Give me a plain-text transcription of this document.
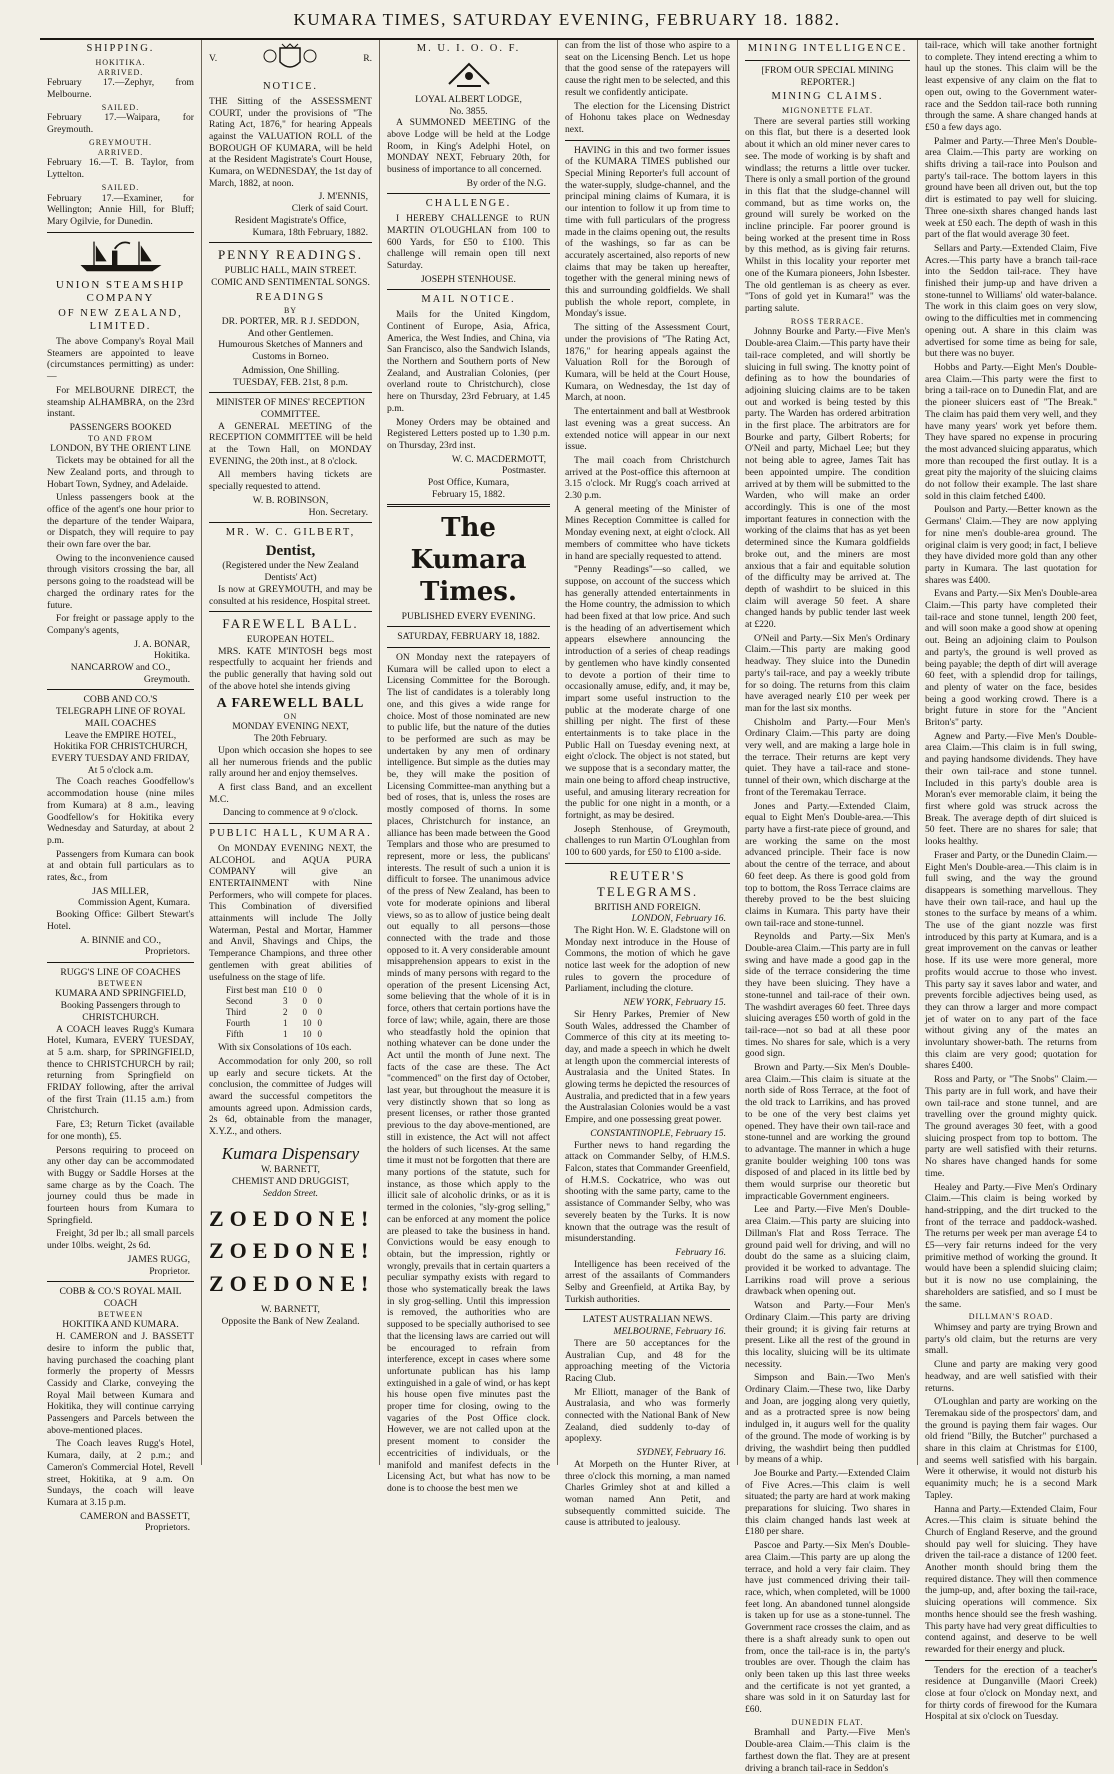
KUMARA TIMES, SATURDAY EVENING, FEBRUARY 18. 1882.
SHIPPING.
HOKITIKA.
ARRIVED.

February 17.—Zephyr, from Melbourne.

SAILED.

February 17.—Waipara, for Greymouth.

GREYMOUTH.
ARRIVED.

February 16.—T. B. Taylor, from Lyttelton.

SAILED.

February 17.—Examiner, for Wellington; Annie Hill, for Bluff; Mary Ogilvie, for Dunedin.

UNION STEAMSHIP COMPANY
OF NEW ZEALAND, LIMITED.

The above Company's Royal Mail Steamers are appointed to leave (circumstances permitting) as under:—

For MELBOURNE DIRECT, the steamship ALHAMBRA, on the 23rd instant.

PASSENGERS BOOKED
TO AND FROM
LONDON, BY THE ORIENT LINE

Tickets may be obtained for all the New Zealand ports, and through to Hobart Town, Sydney, and Adelaide.

Unless passengers book at the office of the agent's one hour prior to the departure of the tender Waipara, or Dispatch, they will require to pay their own fare over the bar.

Owing to the inconvenience caused through visitors crossing the bar, all persons going to the roadstead will be charged the ordinary rates for the future.

For freight or passage apply to the Company's agents,

J. A. BONAR,
Hokitika.
NANCARROW and CO.,
Greymouth.
COBB AND CO.'S
TELEGRAPH LINE OF ROYAL MAIL COACHES
Leave the EMPIRE HOTEL, Hokitika FOR CHRISTCHURCH,
EVERY TUESDAY AND FRIDAY,
At 5 o'clock a.m.

The Coach reaches Goodfellow's accommodation house (nine miles from Kumara) at 8 a.m., leaving Goodfellow's for Hokitika every Wednesday and Saturday, at about 2 p.m.

Passengers from Kumara can book at and obtain full particulars as to rates, &c., from

JAS MILLER,
Commission Agent, Kumara.

Booking Office: Gilbert Stewart's Hotel.

A. BINNIE and CO.,
Proprietors.
RUGG'S LINE OF COACHES
BETWEEN
KUMARA AND SPRINGFIELD,
Booking Passengers through to
CHRISTCHURCH.

A COACH leaves Rugg's Kumara Hotel, Kumara, EVERY TUESDAY, at 5 a.m. sharp, for SPRINGFIELD, thence to CHRISTCHURCH by rail; returning from Springfield on FRIDAY following, after the arrival of the first Train (11.15 a.m.) from Christchurch.

Fare, £3; Return Ticket (available for one month), £5.

Persons requiring to proceed on any other day can be accommodated with Buggy or Saddle Horses at the same charge as by the Coach. The journey could thus be made in fourteen hours from Kumara to Springfield.

Freight, 3d per lb.; all small parcels under 10lbs. weight, 2s 6d.

JAMES RUGG,
Proprietor.
COBB & CO.'S ROYAL MAIL COACH
BETWEEN
HOKITIKA AND KUMARA.

H. CAMERON and J. BASSETT desire to inform the public that, having purchased the coaching plant formerly the property of Messrs Cassidy and Clarke, conveying the Royal Mail between Kumara and Hokitika, they will continue carrying Passengers and Parcels between the above-mentioned places.

The Coach leaves Rugg's Hotel, Kumara, daily, at 2 p.m.; and Cameron's Commercial Hotel, Revell street, Hokitika, at 9 a.m. On Sundays, the coach will leave Kumara at 3.15 p.m.

CAMERON and BASSETT,
Proprietors.
V.	R.
NOTICE.

THE Sitting of the ASSESSMENT COURT, under the provisions of "The Rating Act, 1876," for hearing Appeals against the VALUATION ROLL of the BOROUGH OF KUMARA, will be held at the Resident Magistrate's Court House, Kumara, on WEDNESDAY, the 1st day of March, 1882, at noon.

J. M'ENNIS,
Clerk of said Court.
Resident Magistrate's Office,
Kumara, 18th February, 1882.
PENNY READINGS.
PUBLIC HALL, MAIN STREET.
COMIC AND SENTIMENTAL SONGS.
READINGS
BY
DR. PORTER, MR. R J. SEDDON,
And other Gentlemen.

Humourous Sketches of Manners and Customs in Borneo.

Admission, One Shilling.
TUESDAY, FEB. 21st, 8 p.m.
MINISTER OF MINES' RECEPTION COMMITTEE.

A GENERAL MEETING of the RECEPTION COMMITTEE will be held at the Town Hall, on MONDAY EVENING, the 20th inst., at 8 o'clock.

All members having tickets are specially requested to attend.

W. B. ROBINSON,
Hon. Secretary.
MR. W. C. GILBERT,
Dentist,
(Registered under the New Zealand Dentists' Act)

Is now at GREYMOUTH, and may be consulted at his residence, Hospital street.

FAREWELL BALL.
EUROPEAN HOTEL.

MRS. KATE M'INTOSH begs most respectfully to acquaint her friends and the public generally that having sold out of the above hotel she intends giving

A FAREWELL BALL
ON
MONDAY EVENING NEXT,
The 20th February.

Upon which occasion she hopes to see all her numerous friends and the public rally around her and enjoy themselves.

A first class Band, and an excellent M.C.

Dancing to commence at 9 o'clock.
PUBLIC HALL, KUMARA.

On MONDAY EVENING NEXT, the ALCOHOL and AQUA PURA COMPANY will give an ENTERTAINMENT with Nine Performers, who will compete for places. This Combination of diversified attainments will include The Jolly Waterman, Pestal and Mortar, Hammer and Anvil, Shavings and Chips, the Temperance Champions, and three other gentlemen with great abilities of usefulness on the stage of life.

First best man	£10	0	0
Second	3	0	0
Third	2	0	0
Fourth	1	10	0
Fifth	1	10	0

With six Consolations of 10s each.

Accommodation for only 200, so roll up early and secure tickets. At the conclusion, the committee of Judges will award the successful competitors the amounts agreed upon. Admission cards, 2s 6d, obtainable from the manager, X.Y.Z., and others.

Kumara Dispensary
W. BARNETT,
CHEMIST AND DRUGGIST,
Seddon Street.
ZOEDONE!
ZOEDONE!
ZOEDONE!
W. BARNETT,
Opposite the Bank of New Zealand.
M. U. I. O. O. F.
LOYAL ALBERT LODGE,
No. 3855.

A SUMMONED MEETING of the above Lodge will be held at the Lodge Room, in King's Adelphi Hotel, on MONDAY NEXT, February 20th, for business of importance to all concerned.

By order of the N.G.
CHALLENGE.

I HEREBY CHALLENGE to RUN MARTIN O'LOUGHLAN from 100 to 600 Yards, for £50 to £100. This challenge will remain open till next Saturday.

JOSEPH STENHOUSE.
MAIL NOTICE.

Mails for the United Kingdom, Continent of Europe, Asia, Africa, America, the West Indies, and China, via San Francisco, also the Sandwich Islands, the Northern and Southern ports of New Zealand, and Australian Colonies, (per overland route to Christchurch), close here on Thursday, 23rd February, at 1.45 p.m.

Money Orders may be obtained and Registered Letters posted up to 1.30 p.m. on Thursday, 23rd inst.

W. C. MACDERMOTT,
Postmaster.
Post Office, Kumara,
February 15, 1882.
The Kumara Times.
PUBLISHED EVERY EVENING.
SATURDAY, FEBRUARY 18, 1882.

ON Monday next the ratepayers of Kumara will be called upon to elect a Licensing Committee for the Borough. The list of candidates is a tolerably long one, and this gives a wide range for choice. Most of those nominated are new to public life, but the nature of the duties to be performed are such as may be undertaken by any men of ordinary intelligence. But simple as the duties may be, they will make the position of Licensing Committee-man anything but a bed of roses, that is, unless the roses are mostly composed of thorns. In some places, Christchurch for instance, an alliance has been made between the Good Templars and those who are presumed to represent, more or less, the publicans' interests. The result of such a union it is difficult to forsee. The unanimous advice of the press of New Zealand, has been to vote for moderate opinions and liberal views, so as to allow of justice being dealt out equally to all persons—those connected with the trade and those opposed to it. A very considerable amount misapprehension appears to exist in the minds of many persons with regard to the operation of the present Licensing Act, some believing that the whole of it is in force, others that certain portions have the force of law; while, again, there are those who steadfastly hold the opinion that nothing whatever can be done under the Act until the month of June next. The facts of the case are these. The Act "commenced" on the first day of October, last year, but throughout the measure it is very distinctly shown that so long as present licenses, or rather those granted previous to the day above-mentioned, are still in existence, the Act will not affect the holders of such licenses. At the same time it must not be forgotten that there are many portions of the statute, such for instance, as those which apply to the illicit sale of alcoholic drinks, or as it is termed in the colonies, "sly-grog selling," can be enforced at any moment the police are pleased to take the business in hand. Convictions would be easy enough to obtain, but the impression, rightly or wrongly, prevails that in certain quarters a peculiar sympathy exists with regard to those who systematically break the laws in sly grog-selling. Until this impression is removed, the authorities who are supposed to be specially authorised to see that the licensing laws are carried out will be encouraged to refrain from interference, except in cases where some unfortunate publican has his lamp extinguished in a gale of wind, or has kept his house open five minutes past the proper time for closing, owing to the vagaries of the Post Office clock. However, we are not called upon at the present moment to consider the eccentricities of individuals, or the manifold and manifest defects in the Licensing Act, but what has now to be done is to choose the best men we

can from the list of those who aspire to a seat on the Licensing Bench. Let us hope that the good sense of the ratepayers will cause the right men to be selected, and this result we confidently anticipate.

The election for the Licensing District of Hohonu takes place on Wednesday next.

HAVING in this and two former issues of the KUMARA TIMES published our Special Mining Reporter's full account of the water-supply, sludge-channel, and the principal mining claims of Kumara, it is our intention to follow it up from time to time with full particulars of the progress made in the claims opening out, the results of the washings, so far as can be accurately ascertained, also reports of new claims that may be taken up hereafter, together with the general mining news of this and surrounding goldfields. We shall publish the whole report, complete, in Monday's issue.

The sitting of the Assessment Court, under the provisions of "The Rating Act, 1876," for hearing appeals against the Valuation Roll for the Borough of Kumara, will be held at the Court House, Kumara, on Wednesday, the 1st day of March, at noon.

The entertainment and ball at Westbrook last evening was a great success. An extended notice will appear in our next issue.

The mail coach from Christchurch arrived at the Post-office this afternoon at 3.15 o'clock. Mr Rugg's coach arrived at 2.30 p.m.

A general meeting of the Minister of Mines Reception Committee is called for Monday evening next, at eight o'clock. All members of committee who have tickets in hand are specially requested to attend.

"Penny Readings"—so called, we suppose, on account of the success which has generally attended entertainments in the Home country, the admission to which had been fixed at that low price. And such is the heading of an advertisement which appears elsewhere announcing the introduction of a series of cheap readings by gentlemen who have kindly consented to devote a portion of their time to occasionally amuse, edify, and, it may be, impart some useful instruction to the public at the moderate charge of one shilling per night. The first of these entertainments is to take place in the Public Hall on Tuesday evening next, at eight o'clock. The object is not stated, but we suppose that is a secondary matter, the main one being to afford cheap instructive, useful, and amusing literary recreation for the public for one night in a month, or a fortnight, as may be desired.

Joseph Stenhouse, of Greymouth, challenges to run Martin O'Loughlan from 100 to 600 yards, for £50 to £100 a-side.

REUTER'S TELEGRAMS.
BRITISH AND FOREIGN.
LONDON, February 16.

The Right Hon. W. E. Gladstone will on Monday next introduce in the House of Commons, the motion of which he gave notice last week for the adoption of new rules to govern the procedure of Parliament, including the cloture.

NEW YORK, February 15.

Sir Henry Parkes, Premier of New South Wales, addressed the Chamber of Commerce of this city at its meeting to-day, and made a speech in which he dwelt at length upon the commercial interests of Australasia and the United States. In glowing terms he depicted the resources of Australia, and predicted that in a few years the Australasian Colonies would be a vast Empire, and one possessing great power.

CONSTANTINOPLE, February 15.

Further news to hand regarding the attack on Commander Selby, of H.M.S. Falcon, states that Commander Greenfield, of H.M.S. Cockatrice, who was out shooting with the same party, came to the assistance of Commander Selby, who was severely beaten by the Turks. It is now known that the outrage was the result of misunderstanding.

February 16.

Intelligence has been received of the arrest of the assailants of Commanders Selby and Greenfield, at Artika Bay, by Turkish authorities.

LATEST AUSTRALIAN NEWS.
MELBOURNE, February 16.

There are 50 acceptances for the Australian Cup, and 48 for the approaching meeting of the Victoria Racing Club.

Mr Elliott, manager of the Bank of Australasia, and who was formerly connected with the National Bank of New Zealand, died suddenly to-day of apoplexy.

SYDNEY, February 16.

At Morpeth on the Hunter River, at three o'clock this morning, a man named Charles Grimley shot at and killed a woman named Ann Petit, and subsequently committed suicide. The cause is attributed to jealousy.

MINING INTELLIGENCE.
[FROM OUR SPECIAL MINING REPORTER.]
MINING CLAIMS.
MIGNONETTE FLAT.

There are several parties still working on this flat, but there is a deserted look about it which an old miner never cares to see. The mode of working is by shaft and windlass; the returns a little over tucker. There is only a small portion of the ground in this flat that the sludge-channel will command, but as time works on, the ground will surely be worked on the incline principle. Far poorer ground is being worked at the present time in Ross by this method, as is giving fair returns. Whilst in this locality your reporter met one of the Kumara pioneers, John Isbester. The old gentleman is as cheery as ever. "Tons of gold yet in Kumara!" was the parting salute.

ROSS TERRACE.

Johnny Bourke and Party.—Five Men's Double-area Claim.—This party have their tail-race completed, and will shortly be sluicing in full swing. The knotty point of defining as to how the boundaries of adjoining sluicing claims are to be taken out and worked is being tested by this party. The Warden has ordered arbitration in the first place. The arbitrators are for Bourke and party, Gilbert Roberts; for O'Neil and party, Michael Lee; but they not being able to agree, James Tait has been appointed umpire. The condition arrived at by them will be submitted to the Warden, who will make an order accordingly. This is one of the most important features in connection with the working of the claims that has as yet been determined since the Kumara goldfields broke out, and the miners are most anxious that a fair and equitable solution of the difficulty may be arrived at. The depth of washdirt to be sluiced in this claim will average 50 feet. A share changed hands by public tender last week at £220.

O'Neil and Party.—Six Men's Ordinary Claim.—This party are making good headway. They sluice into the Dunedin party's tail-race, and pay a weekly tribute for so doing. The returns from this claim have averaged nearly £10 per week per man for the last six months.

Chisholm and Party.—Four Men's Ordinary Claim.—This party are doing very well, and are making a large hole in the terrace. Their returns are kept very quiet. They have a tail-race and stone-tunnel of their own, which discharge at the front of the Teremakau Terrace.

Jones and Party.—Extended Claim, equal to Eight Men's Double-area.—This party have a first-rate piece of ground, and are working the same on the most advanced principle. Their face is now about the centre of the terrace, and about 60 feet deep. As there is good gold from top to bottom, the Ross Terrace claims are thereby proved to be the best sluicing claims in Kumara. This party have their own tail-race and stone-tunnel.

Reynolds and Party.—Six Men's Double-area Claim.—This party are in full swing and have made a good gap in the side of the terrace considering the time they have been sluicing. They have a stone-tunnel and tail-race of their own. The washdirt averages 60 feet. Three days sluicing averages £50 worth of gold in the tail-race—not so bad at all these poor times. No shares for sale, which is a very good sign.

Brown and Party.—Six Men's Double-area Claim.—This claim is situate at the north side of Ross Terrace, at the foot of the old track to Larrikins, and has proved to be one of the very best claims yet opened. They have their own tail-race and stone-tunnel and are working the ground to advantage. The manner in which a huge granite boulder weighing 100 tons was disposed of and placed in its little bed by them would surprise our theoretic but impracticable Government engineers.

Lee and Party.—Five Men's Double-area Claim.—This party are sluicing into Dillman's Flat and Ross Terrace. The ground paid well for driving, and will no doubt do the same as a sluicing claim, provided it be worked to advantage. The Larrikins road will prove a serious drawback when opening out.

Watson and Party.—Four Men's Ordinary Claim.—This party are driving their ground; it is giving fair returns at present. Like all the rest of the ground in this locality, sluicing will be its ultimate necessity.

Simpson and Bain.—Two Men's Ordinary Claim.—These two, like Darby and Joan, are jogging along very quietly, and as a protracted spree is now being indulged in, it augurs well for the quality of the ground. The mode of working is by driving, the washdirt being then puddled by means of a whip.

Joe Bourke and Party.—Extended Claim of Five Acres.—This claim is well situated; the party are hard at work making preparations for sluicing. Two shares in this claim changed hands last week at £180 per share.

Pascoe and Party.—Six Men's Double-area Claim.—This party are up along the terrace, and hold a very fair claim. They have just commenced driving their tail-race, which, when completed, will be 1000 feet long. An abandoned tunnel alongside is taken up for use as a stone-tunnel. The Government race crosses the claim, and as there is a shaft already sunk to open out from, once the tail-race is in, the party's troubles are over. Though the claim has only been taken up this last three weeks and the certificate is not yet granted, a share was sold in it on Saturday last for £60.

DUNEDIN FLAT.

Bramhall and Party.—Five Men's Double-area Claim.—This claim is the farthest down the flat. They are at present driving a branch tail-race in Seddon's

tail-race, which will take another fortnight to complete. They intend erecting a whim to haul up the stones. This claim will be the least expensive of any claim on the flat to open out, owing to the Government water-race and the Seddon tail-race both running through the same. A share changed hands at £50 a few days ago.

Palmer and Party.—Three Men's Double-area Claim.—This party are working on shifts driving a tail-race into Poulson and party's tail-race. The bottom layers in this ground have been all driven out, but the top dirt is estimated to pay well for sluicing. Three one-sixth shares changed hands last week at £50 each. The depth of wash in this part of the flat would average 30 feet.

Sellars and Party.—Extended Claim, Five Acres.—This party have a branch tail-race into the Seddon tail-race. They have finished their jump-up and have driven a stone-tunnel to Williams' old water-balance. The work in this claim goes on very slow, owing to the difficulties met in commencing opening out. A share in this claim was advertised for some time as being for sale, but there was no buyer.

Hobbs and Party.—Eight Men's Double-area Claim.—This party were the first to bring a tail-race on to Dunedin Flat, and are the pioneer sluicers east of "The Break." The claim has paid them very well, and they have many years' work yet before them. They have spared no expense in procuring the most advanced sluicing apparatus, which more than recouped the first outlay. It is a great pity the majority of the sluicing claims do not follow their example. The last share sold in this claim fetched £400.

Poulson and Party.—Better known as the Germans' Claim.—They are now applying for nine men's double-area ground. The original claim is very good; in fact, I believe they have divided more gold than any other party in Kumara. The last quotation for shares was £400.

Evans and Party.—Six Men's Double-area Claim.—This party have completed their tail-race and stone tunnel, length 200 feet, and will soon make a good show at opening out. Being an adjoining claim to Poulson and party's, the ground is well proved as being payable; the depth of dirt will average 60 feet, with a splendid drop for tailings, and plenty of water on the face, besides being a good working crowd. There is a bright future in store for the "Ancient Briton's" party.

Agnew and Party.—Five Men's Double-area Claim.—This claim is in full swing, and paying handsome dividends. They have their own tail-race and stone tunnel. Included in this party's double area is Moran's ever memorable claim, it being the first where gold was struck across the Break. The average depth of dirt sluiced is 50 feet. There are no shares for sale; that looks healthy.

Fraser and Party, or the Dunedin Claim.—Eight Men's Double-area.—This claim is in full swing, and the way the ground disappears is something marvellous. They have their own tail-race, and haul up the stones to the surface by means of a whim. The use of the giant nozzle was first introduced by this party at Kumara, and is a great improvement on the canvas or leather hose. If its use were more general, more profits would accrue to those who invest. This party say it saves labor and water, and prevents forcible adjectives being used, as they can throw a larger and more compact jet of water on to any part of the face without giving any of the mates an involuntary shower-bath. The returns from this claim are very good; quotation for shares £400.

Ross and Party, or "The Snobs" Claim.—This party are in full work, and have their own tail-race and stone tunnel, and are travelling over the ground mighty quick. The ground averages 30 feet, with a good sluicing prospect from top to bottom. The party are well satisfied with their returns. No shares have changed hands for some time.

Healey and Party.—Five Men's Ordinary Claim.—This claim is being worked by hand-stripping, and the dirt trucked to the front of the terrace and paddock-washed. The returns per week per man average £4 to £5—very fair returns indeed for the very primitive method of working the ground. It would have been a splendid sluicing claim; but it is now no use complaining, the shareholders are satisfied, and so I must be the same.

DILLMAN'S ROAD.

Whimsey and party are trying Brown and party's old claim, but the returns are very small.

Clune and party are making very good headway, and are well satisfied with their returns.

O'Loughlan and party are working on the Teremakau side of the prospectors' dam, and the ground is paying them fair wages. Our old friend "Billy, the Butcher" purchased a share in this claim at Christmas for £100, and seems well satisfied with his bargain. Were it otherwise, it would not disturb his equanimity much; he is a second Mark Tapley.

Hanna and Party.—Extended Claim, Four Acres.—This claim is situate behind the Church of England Reserve, and the ground should pay well for sluicing. They have driven the tail-race a distance of 1200 feet. Another month should bring them the required distance. They will then commence the jump-up, and, after boxing the tail-race, sluicing operations will commence. Six months hence should see the fresh washing. This party have had very great difficulties to contend against, and deserve to be well rewarded for their energy and pluck.

Tenders for the erection of a teacher's residence at Dunganville (Maori Creek) close at four o'clock on Monday next, and for thirty cords of firewood for the Kumara Hospital at six o'clock on Tuesday.
